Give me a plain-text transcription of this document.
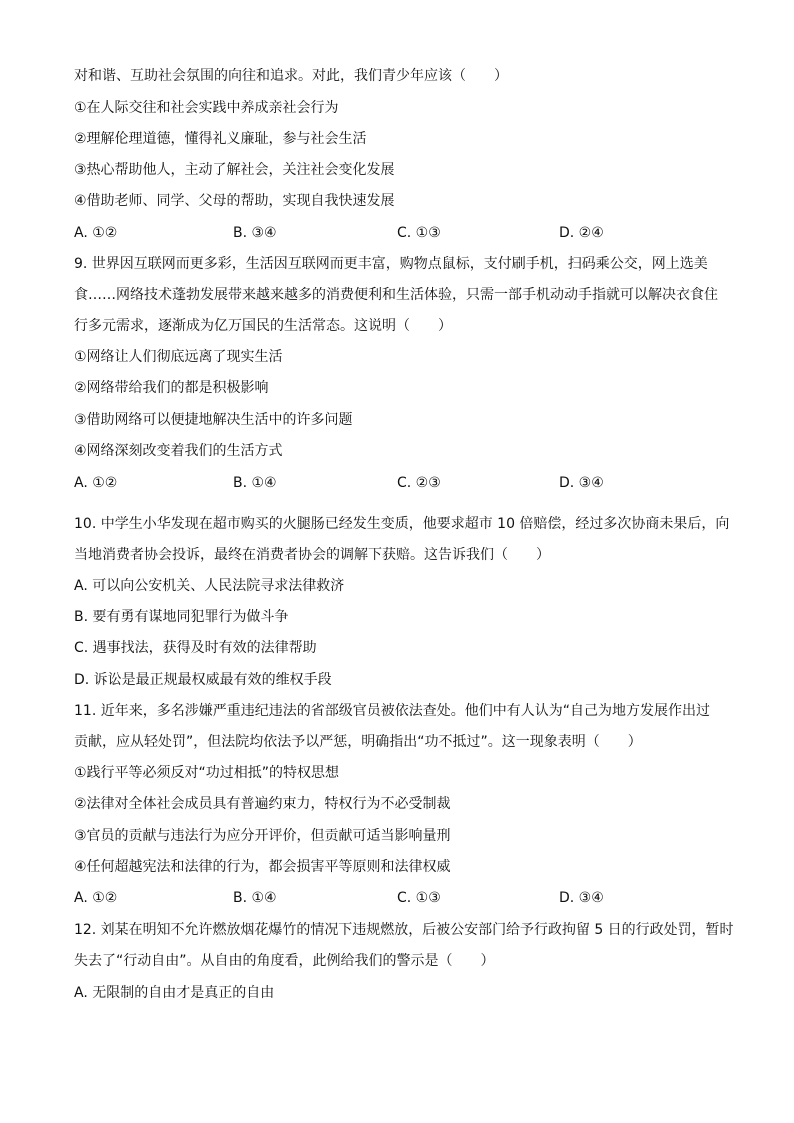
对和谐、互助社会氛围的向往和追求。对此，我们青少年应该（　　）
①在人际交往和社会实践中养成亲社会行为
②理解伦理道德，懂得礼义廉耻，参与社会生活
③热心帮助他人，主动了解社会，关注社会变化发展
④借助老师、同学、父母的帮助，实现自我快速发展
A. ①②	B. ③④	C. ①③	D. ②④
9. 世界因互联网而更多彩，生活因互联网而更丰富，购物点鼠标，支付刷手机，扫码乘公交，网上选美
食……网络技术蓬勃发展带来越来越多的消费便利和生活体验，只需一部手机动动手指就可以解决衣食住
行多元需求，逐渐成为亿万国民的生活常态。这说明（　　）
①网络让人们彻底远离了现实生活
②网络带给我们的都是积极影响
③借助网络可以便捷地解决生活中的许多问题
④网络深刻改变着我们的生活方式
A. ①②	B. ①④	C. ②③	D. ③④
10. 中学生小华发现在超市购买的火腿肠已经发生变质，他要求超市 10 倍赔偿，经过多次协商未果后，向
当地消费者协会投诉，最终在消费者协会的调解下获赔。这告诉我们（　　）
A. 可以向公安机关、人民法院寻求法律救济
B. 要有勇有谋地同犯罪行为做斗争
C. 遇事找法，获得及时有效的法律帮助
D. 诉讼是最正规最权威最有效的维权手段
11. 近年来，多名涉嫌严重违纪违法的省部级官员被依法查处。他们中有人认为“自己为地方发展作出过
贡献，应从轻处罚”，但法院均依法予以严惩，明确指出“功不抵过”。这一现象表明（　　）
①践行平等必须反对“功过相抵”的特权思想
②法律对全体社会成员具有普遍约束力，特权行为不必受制裁
③官员的贡献与违法行为应分开评价，但贡献可适当影响量刑
④任何超越宪法和法律的行为，都会损害平等原则和法律权威
A. ①②	B. ①④	C. ①③	D. ③④
12. 刘某在明知不允许燃放烟花爆竹的情况下违规燃放，后被公安部门给予行政拘留 5 日的行政处罚，暂时
失去了“行动自由”。从自由的角度看，此例给我们的警示是（　　）
A. 无限制的自由才是真正的自由
